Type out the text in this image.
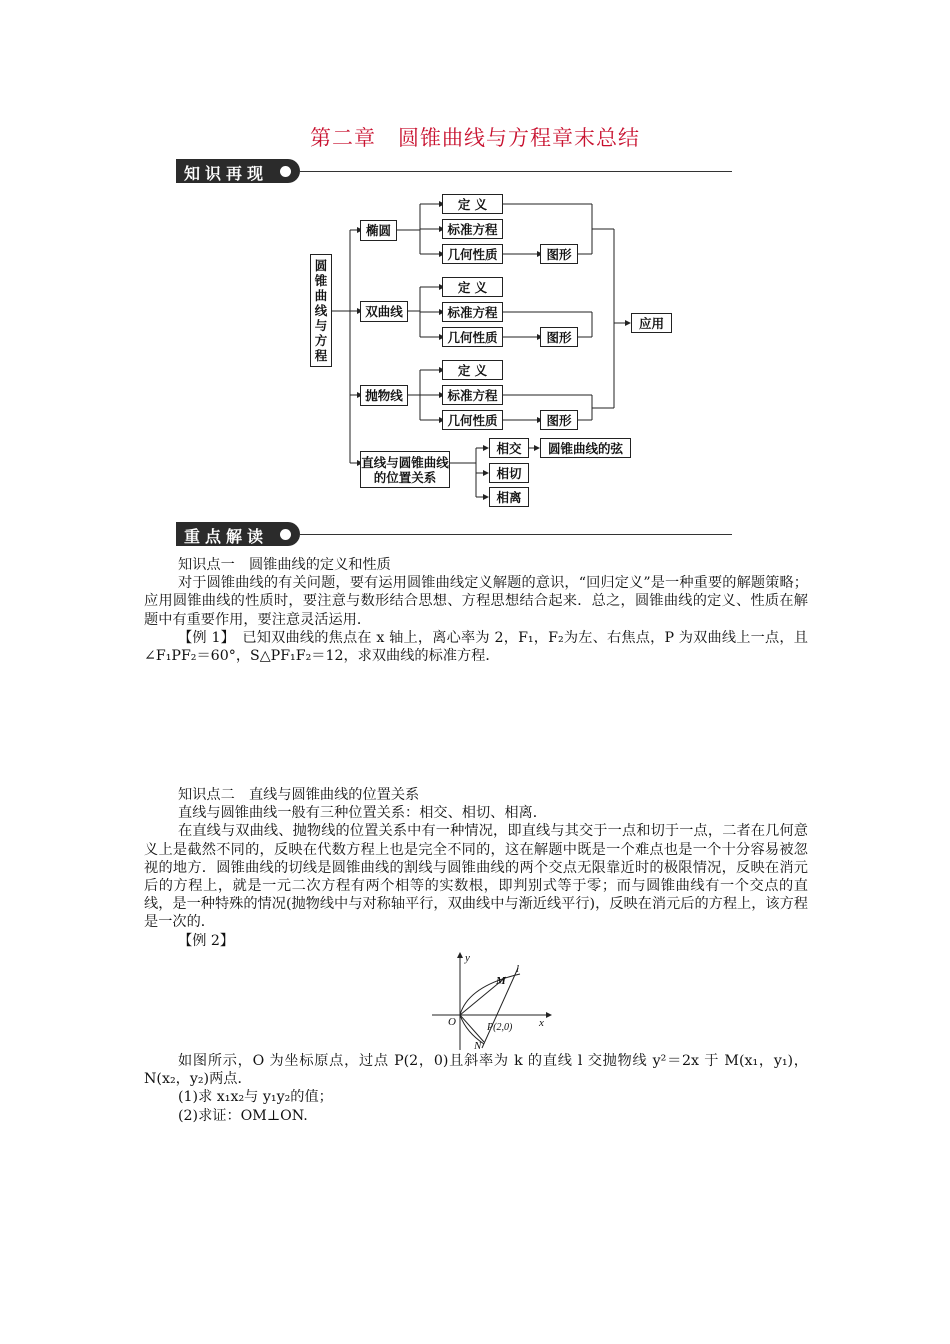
第二章　圆锥曲线与方程章末总结
知识再现
圆锥曲线与方程
椭圆
双曲线
抛物线
直线与圆锥曲线的位置关系
定 义
标准方程
几何性质	图形
定 义
标准方程
几何性质	图形
定 义
标准方程
几何性质	图形
应用
相交
相切
相离
圆锥曲线的弦
重点解读

知识点一　圆锥曲线的定义和性质

对于圆锥曲线的有关问题，要有运用圆锥曲线定义解题的意识，“回归定义”是一种重要的解题策略；应用圆锥曲线的性质时，要注意与数形结合思想、方程思想结合起来．总之，圆锥曲线的定义、性质在解题中有重要作用，要注意灵活运用．

【例 1】　已知双曲线的焦点在 x 轴上，离心率为 2，F₁，F₂为左、右焦点，P 为双曲线上一点，且∠F₁PF₂＝60°，S△PF₁F₂＝12，求双曲线的标准方程．

知识点二　直线与圆锥曲线的位置关系

直线与圆锥曲线一般有三种位置关系：相交、相切、相离．

在直线与双曲线、抛物线的位置关系中有一种情况，即直线与其交于一点和切于一点，二者在几何意义上是截然不同的，反映在代数方程上也是完全不同的，这在解题中既是一个难点也是一个十分容易被忽视的地方．圆锥曲线的切线是圆锥曲线的割线与圆锥曲线的两个交点无限靠近时的极限情况，反映在消元后的方程上，就是一元二次方程有两个相等的实数根，即判别式等于零；而与圆锥曲线有一个交点的直线，是一种特殊的情况(抛物线中与对称轴平行，双曲线中与渐近线平行)，反映在消元后的方程上，该方程是一次的．

【例 2】

y
x
O
M
l
N
P(2,0)

如图所示，O 为坐标原点，过点 P(2，0)且斜率为 k 的直线 l 交抛物线 y²＝2x 于 M(x₁，y₁)，N(x₂，y₂)两点．

(1)求 x₁x₂与 y₁y₂的值；

(2)求证：OM⊥ON.
